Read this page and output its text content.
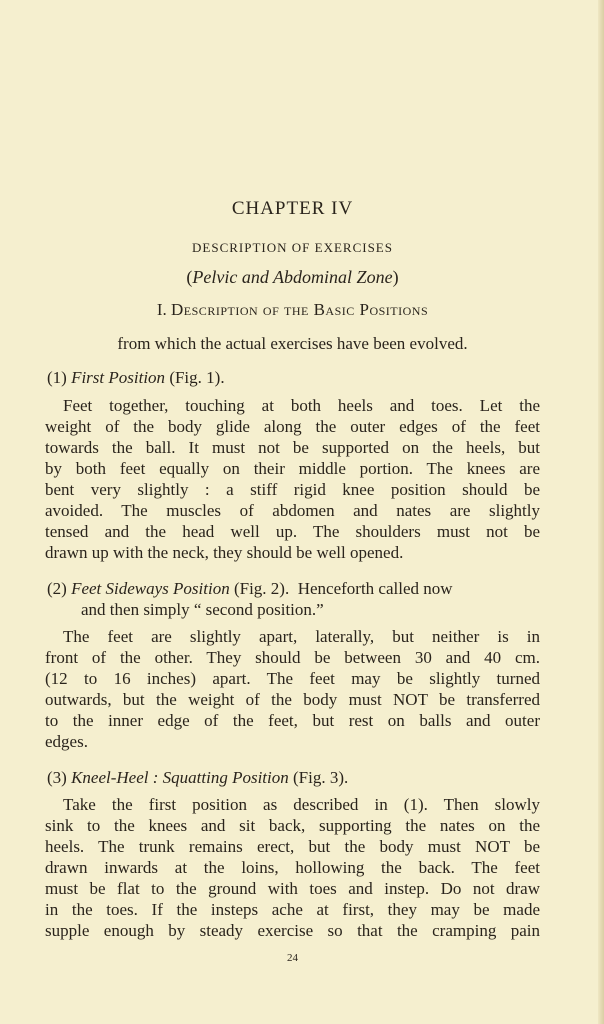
CHAPTER IV
DESCRIPTION OF EXERCISES
(Pelvic and Abdominal Zone)
I. Description of the Basic Positions
from which the actual exercises have been evolved.
(1) First Position (Fig. 1).
Feet together, touching at both heels and toes. Let the
weight of the body glide along the outer edges of the feet
towards the ball. It must not be supported on the heels, but
by both feet equally on their middle portion. The knees are
bent very slightly : a stiff rigid knee position should be
avoided. The muscles of abdomen and nates are slightly
tensed and the head well up. The shoulders must not be
drawn up with the neck, they should be well opened.
(2) Feet Sideways Position (Fig. 2). Henceforth called now
and then simply “ second position.”
The feet are slightly apart, laterally, but neither is in
front of the other. They should be between 30 and 40 cm.
(12 to 16 inches) apart. The feet may be slightly turned
outwards, but the weight of the body must NOT be transferred
to the inner edge of the feet, but rest on balls and outer
edges.
(3) Kneel-Heel : Squatting Position (Fig. 3).
Take the first position as described in (1). Then slowly
sink to the knees and sit back, supporting the nates on the
heels. The trunk remains erect, but the body must NOT be
drawn inwards at the loins, hollowing the back. The feet
must be flat to the ground with toes and instep. Do not draw
in the toes. If the insteps ache at first, they may be made
supple enough by steady exercise so that the cramping pain
24
